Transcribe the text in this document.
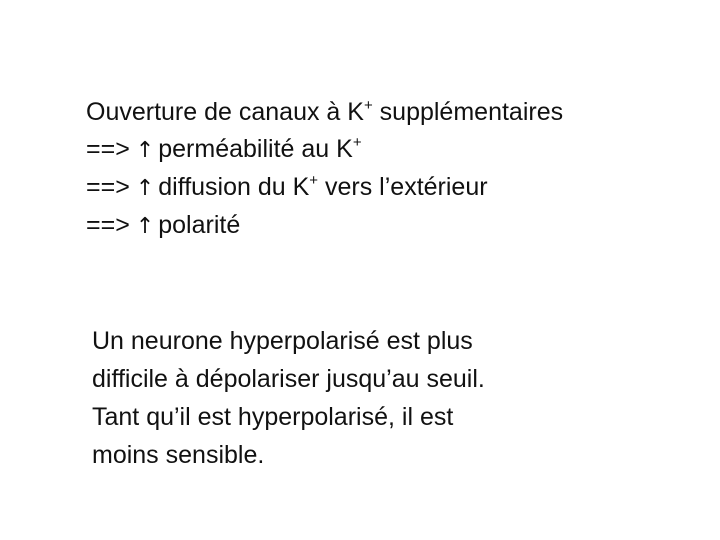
Ouverture de canaux à K+ supplémentaires
==> ↑ perméabilité au K+
==> ↑ diffusion du K+ vers l’extérieur
==> ↑ polarité
Un neurone hyperpolarisé est plus
difficile à dépolariser jusqu’au seuil.
Tant qu’il est hyperpolarisé, il est
moins sensible.
